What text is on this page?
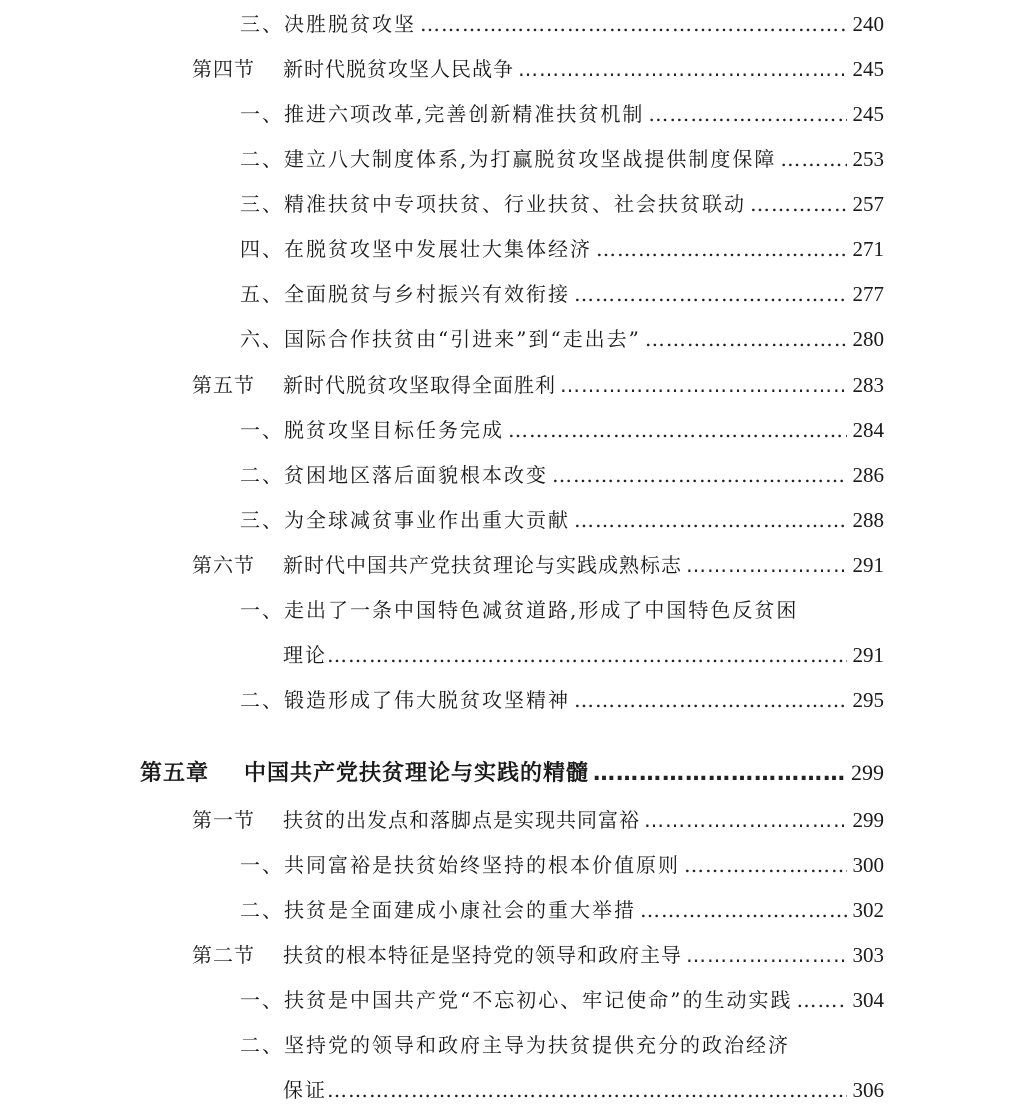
三、 决胜脱贫攻坚 ………………………………………………………………………………………………………………………………………………………………………………………………	240
第四节	新时代脱贫攻坚人民战争 ………………………………………………………………………………………………………………………………………………………………………………………………	245
一、 推进六项改革,完善创新精准扶贫机制 ………………………………………………………………………………………………………………………………………………………………………………………………	245
二、 建立八大制度体系,为打赢脱贫攻坚战提供制度保障 ………………………………………………………………………………………………………………………………………………………………………………………………	253
三、 精准扶贫中专项扶贫、行业扶贫、社会扶贫联动 ………………………………………………………………………………………………………………………………………………………………………………………………	257
四、 在脱贫攻坚中发展壮大集体经济 ………………………………………………………………………………………………………………………………………………………………………………………………	271
五、 全面脱贫与乡村振兴有效衔接 ………………………………………………………………………………………………………………………………………………………………………………………………	277
六、 国际合作扶贫由“引进来”到“走出去” ………………………………………………………………………………………………………………………………………………………………………………………………	280
第五节	新时代脱贫攻坚取得全面胜利 ………………………………………………………………………………………………………………………………………………………………………………………………	283
一、 脱贫攻坚目标任务完成 ………………………………………………………………………………………………………………………………………………………………………………………………	284
二、 贫困地区落后面貌根本改变 ………………………………………………………………………………………………………………………………………………………………………………………………	286
三、 为全球减贫事业作出重大贡献 ………………………………………………………………………………………………………………………………………………………………………………………………	288
第六节	新时代中国共产党扶贫理论与实践成熟标志 ………………………………………………………………………………………………………………………………………………………………………………………………	291
一、 走出了一条中国特色减贫道路,形成了中国特色反贫困
理论 ………………………………………………………………………………………………………………………………………………………………………………………………	291
二、 锻造形成了伟大脱贫攻坚精神 ………………………………………………………………………………………………………………………………………………………………………………………………	295
第五章	中国共产党扶贫理论与实践的精髓 ………………………………………………………………………………………………………………………………………………………………………………………………	299
第一节	扶贫的出发点和落脚点是实现共同富裕 ………………………………………………………………………………………………………………………………………………………………………………………………	299
一、 共同富裕是扶贫始终坚持的根本价值原则 ………………………………………………………………………………………………………………………………………………………………………………………………	300
二、 扶贫是全面建成小康社会的重大举措 ………………………………………………………………………………………………………………………………………………………………………………………………	302
第二节	扶贫的根本特征是坚持党的领导和政府主导 ………………………………………………………………………………………………………………………………………………………………………………………………	303
一、 扶贫是中国共产党“不忘初心、牢记使命”的生动实践 ………………………………………………………………………………………………………………………………………………………………………………………………	304
二、 坚持党的领导和政府主导为扶贫提供充分的政治经济
保证 ………………………………………………………………………………………………………………………………………………………………………………………………	306
